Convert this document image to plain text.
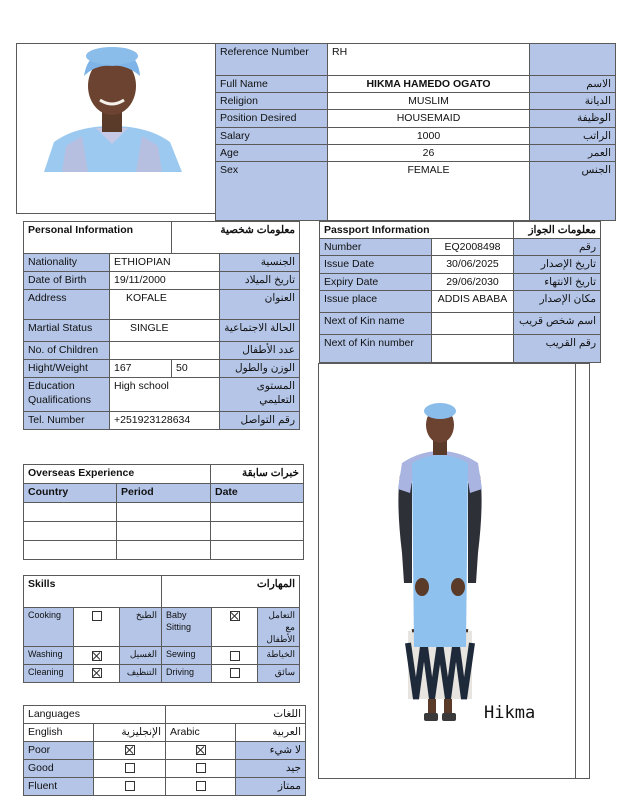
Reference Number	RH	
Full Name	HIKMA HAMEDO OGATO	الاسم
Religion	MUSLIM	الديانة
Position Desired	HOUSEMAID	الوظيفة
Salary	1000	الراتب
Age	26	العمر
Sex	FEMALE	الجنس
Personal Information		معلومات شخصية	
Nationality	ETHIOPIAN		الجنسية
Date of Birth	19/11/2000		تاريخ الميلاد
Address	KOFALE		العنوان
Martial Status	SINGLE		الحالة الاجتماعية
No. of Children			عدد الأطفال
Hight/Weight	167	50	الوزن والطول
Education Qualifications	High school		المستوى التعليمي
Tel. Number	+251923128634		رقم التواصل
Passport Information		معلومات الجواز
Number	EQ2008498	رقم
Issue Date	30/06/2025	تاريخ الإصدار
Expiry Date	29/06/2030	تاريخ الانتهاء
Issue place	ADDIS ABABA	مكان الإصدار
Next of Kin name		اسم شخص قريب
Next of Kin number		رقم القريب
Hikma
Overseas Experience		خبرات سابقة
Country	Period	Date

Skills			المهارات		
Cooking		الطبخ	Baby Sitting		التعامل مع الأطفال
Washing		الغسيل	Sewing		الخياطة
Cleaning		التنظيف	Driving		سائق
Languages		اللغات	
English	الإنجليزية	Arabic	العربية
Poor			لا شيء
Good			جيد
Fluent			ممتاز
